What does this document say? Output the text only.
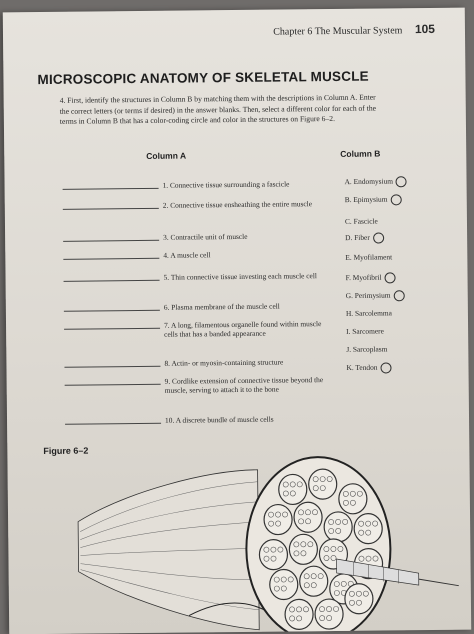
Chapter 6 The Muscular System 105
MICROSCOPIC ANATOMY OF SKELETAL MUSCLE
4. First, identify the structures in Column B by matching them with the descriptions in Column A. Enter the correct letters (or terms if desired) in the answer blanks. Then, select a different color for each of the terms in Column B that has a color-coding circle and color in the structures on Figure 6–2.
Column A	Column B
1. Connective tissue surrounding a fascicle
2. Connective tissue ensheathing the entire muscle
3. Contractile unit of muscle
4. A muscle cell
5. Thin connective tissue investing each muscle cell
6. Plasma membrane of the muscle cell
7. A long, filamentous organelle found within muscle cells that has a banded appearance
8. Actin- or myosin-containing structure
9. Cordlike extension of connective tissue beyond the muscle, serving to attach it to the bone
10. A discrete bundle of muscle cells
A. Endomysium
B. Epimysium
C. Fascicle
D. Fiber
E. Myofilament
F. Myofibril
G. Perimysium
H. Sarcolemma
I. Sarcomere
J. Sarcoplasm
K. Tendon
Figure 6–2
